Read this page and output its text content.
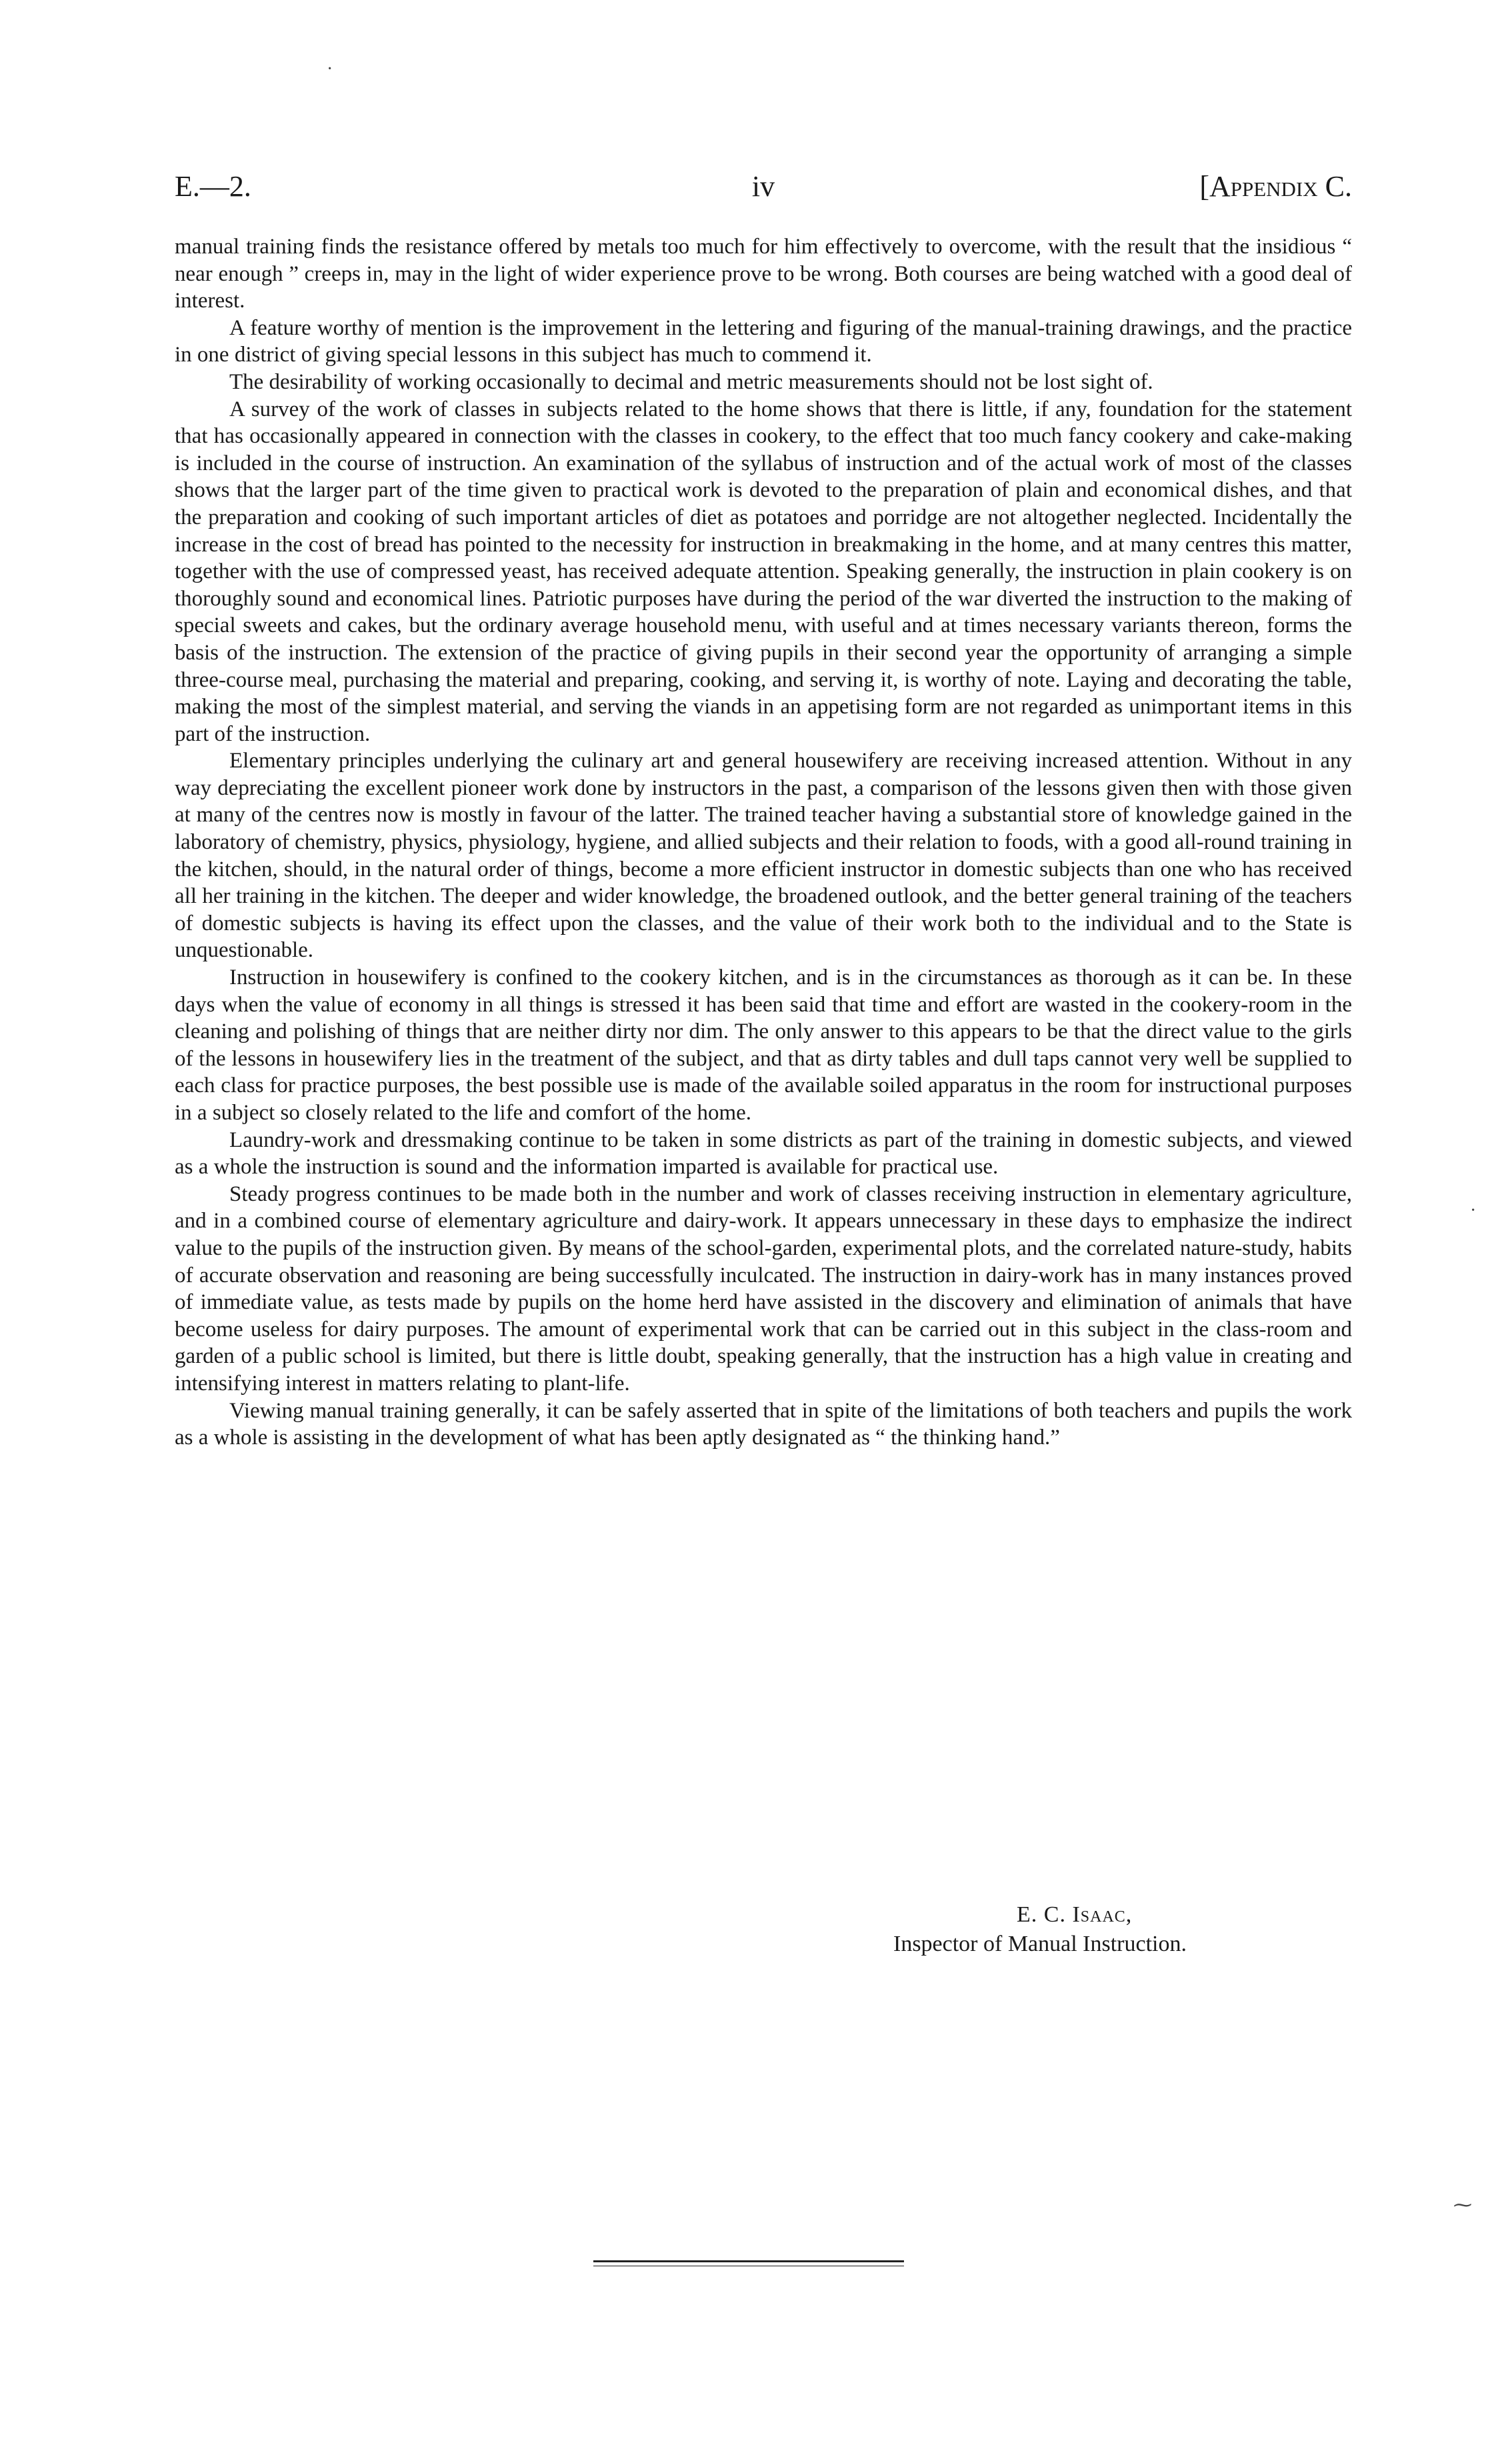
E.—2.	iv	[Appendix C.

manual training finds the resistance offered by metals too much for him effectively to overcome, with the result that the insidious “ near enough ” creeps in, may in the light of wider experience prove to be wrong. Both courses are being watched with a good deal of interest.

A feature worthy of mention is the improvement in the lettering and figuring of the manual-training drawings, and the practice in one district of giving special lessons in this subject has much to commend it.

The desirability of working occasionally to decimal and metric measurements should not be lost sight of.

A survey of the work of classes in subjects related to the home shows that there is little, if any, foundation for the statement that has occasionally appeared in connection with the classes in cookery, to the effect that too much fancy cookery and cake-making is included in the course of instruction. An examination of the syllabus of instruction and of the actual work of most of the classes shows that the larger part of the time given to practical work is devoted to the preparation of plain and economical dishes, and that the preparation and cooking of such important articles of diet as potatoes and porridge are not altogether neglected. Incidentally the increase in the cost of bread has pointed to the necessity for instruction in breakmaking in the home, and at many centres this matter, together with the use of compressed yeast, has received adequate attention. Speaking generally, the instruction in plain cookery is on thoroughly sound and economical lines. Patriotic purposes have during the period of the war diverted the instruction to the making of special sweets and cakes, but the ordinary average household menu, with useful and at times necessary variants thereon, forms the basis of the instruction. The extension of the practice of giving pupils in their second year the opportunity of arranging a simple three-course meal, purchasing the material and preparing, cooking, and serving it, is worthy of note. Laying and decorating the table, making the most of the simplest material, and serving the viands in an appetising form are not regarded as unimportant items in this part of the instruction.

Elementary principles underlying the culinary art and general housewifery are receiving increased attention. Without in any way depreciating the excellent pioneer work done by instructors in the past, a comparison of the lessons given then with those given at many of the centres now is mostly in favour of the latter. The trained teacher having a substantial store of knowledge gained in the laboratory of chemistry, physics, physiology, hygiene, and allied subjects and their relation to foods, with a good all-round training in the kitchen, should, in the natural order of things, become a more efficient instructor in domestic subjects than one who has received all her training in the kitchen. The deeper and wider knowledge, the broadened outlook, and the better general training of the teachers of domestic subjects is having its effect upon the classes, and the value of their work both to the individual and to the State is unquestionable.

Instruction in housewifery is confined to the cookery kitchen, and is in the circumstances as thorough as it can be. In these days when the value of economy in all things is stressed it has been said that time and effort are wasted in the cookery-room in the cleaning and polishing of things that are neither dirty nor dim. The only answer to this appears to be that the direct value to the girls of the lessons in housewifery lies in the treatment of the subject, and that as dirty tables and dull taps cannot very well be supplied to each class for practice purposes, the best possible use is made of the available soiled apparatus in the room for instructional purposes in a subject so closely related to the life and comfort of the home.

Laundry-work and dressmaking continue to be taken in some districts as part of the training in domestic subjects, and viewed as a whole the instruction is sound and the information imparted is available for practical use.

Steady progress continues to be made both in the number and work of classes receiving instruction in elementary agriculture, and in a combined course of elementary agriculture and dairy-work. It appears unnecessary in these days to emphasize the indirect value to the pupils of the instruction given. By means of the school-garden, experimental plots, and the correlated nature-study, habits of accurate observation and reasoning are being successfully inculcated. The instruction in dairy-work has in many instances proved of immediate value, as tests made by pupils on the home herd have assisted in the discovery and elimination of animals that have become useless for dairy purposes. The amount of experimental work that can be carried out in this subject in the class-room and garden of a public school is limited, but there is little doubt, speaking generally, that the instruction has a high value in creating and intensifying interest in matters relating to plant-life.

Viewing manual training generally, it can be safely asserted that in spite of the limitations of both teachers and pupils the work as a whole is assisting in the development of what has been aptly designated as “ the thinking hand.”

E. C. Isaac,
Inspector of Manual Instruction.
·
·
⁓
